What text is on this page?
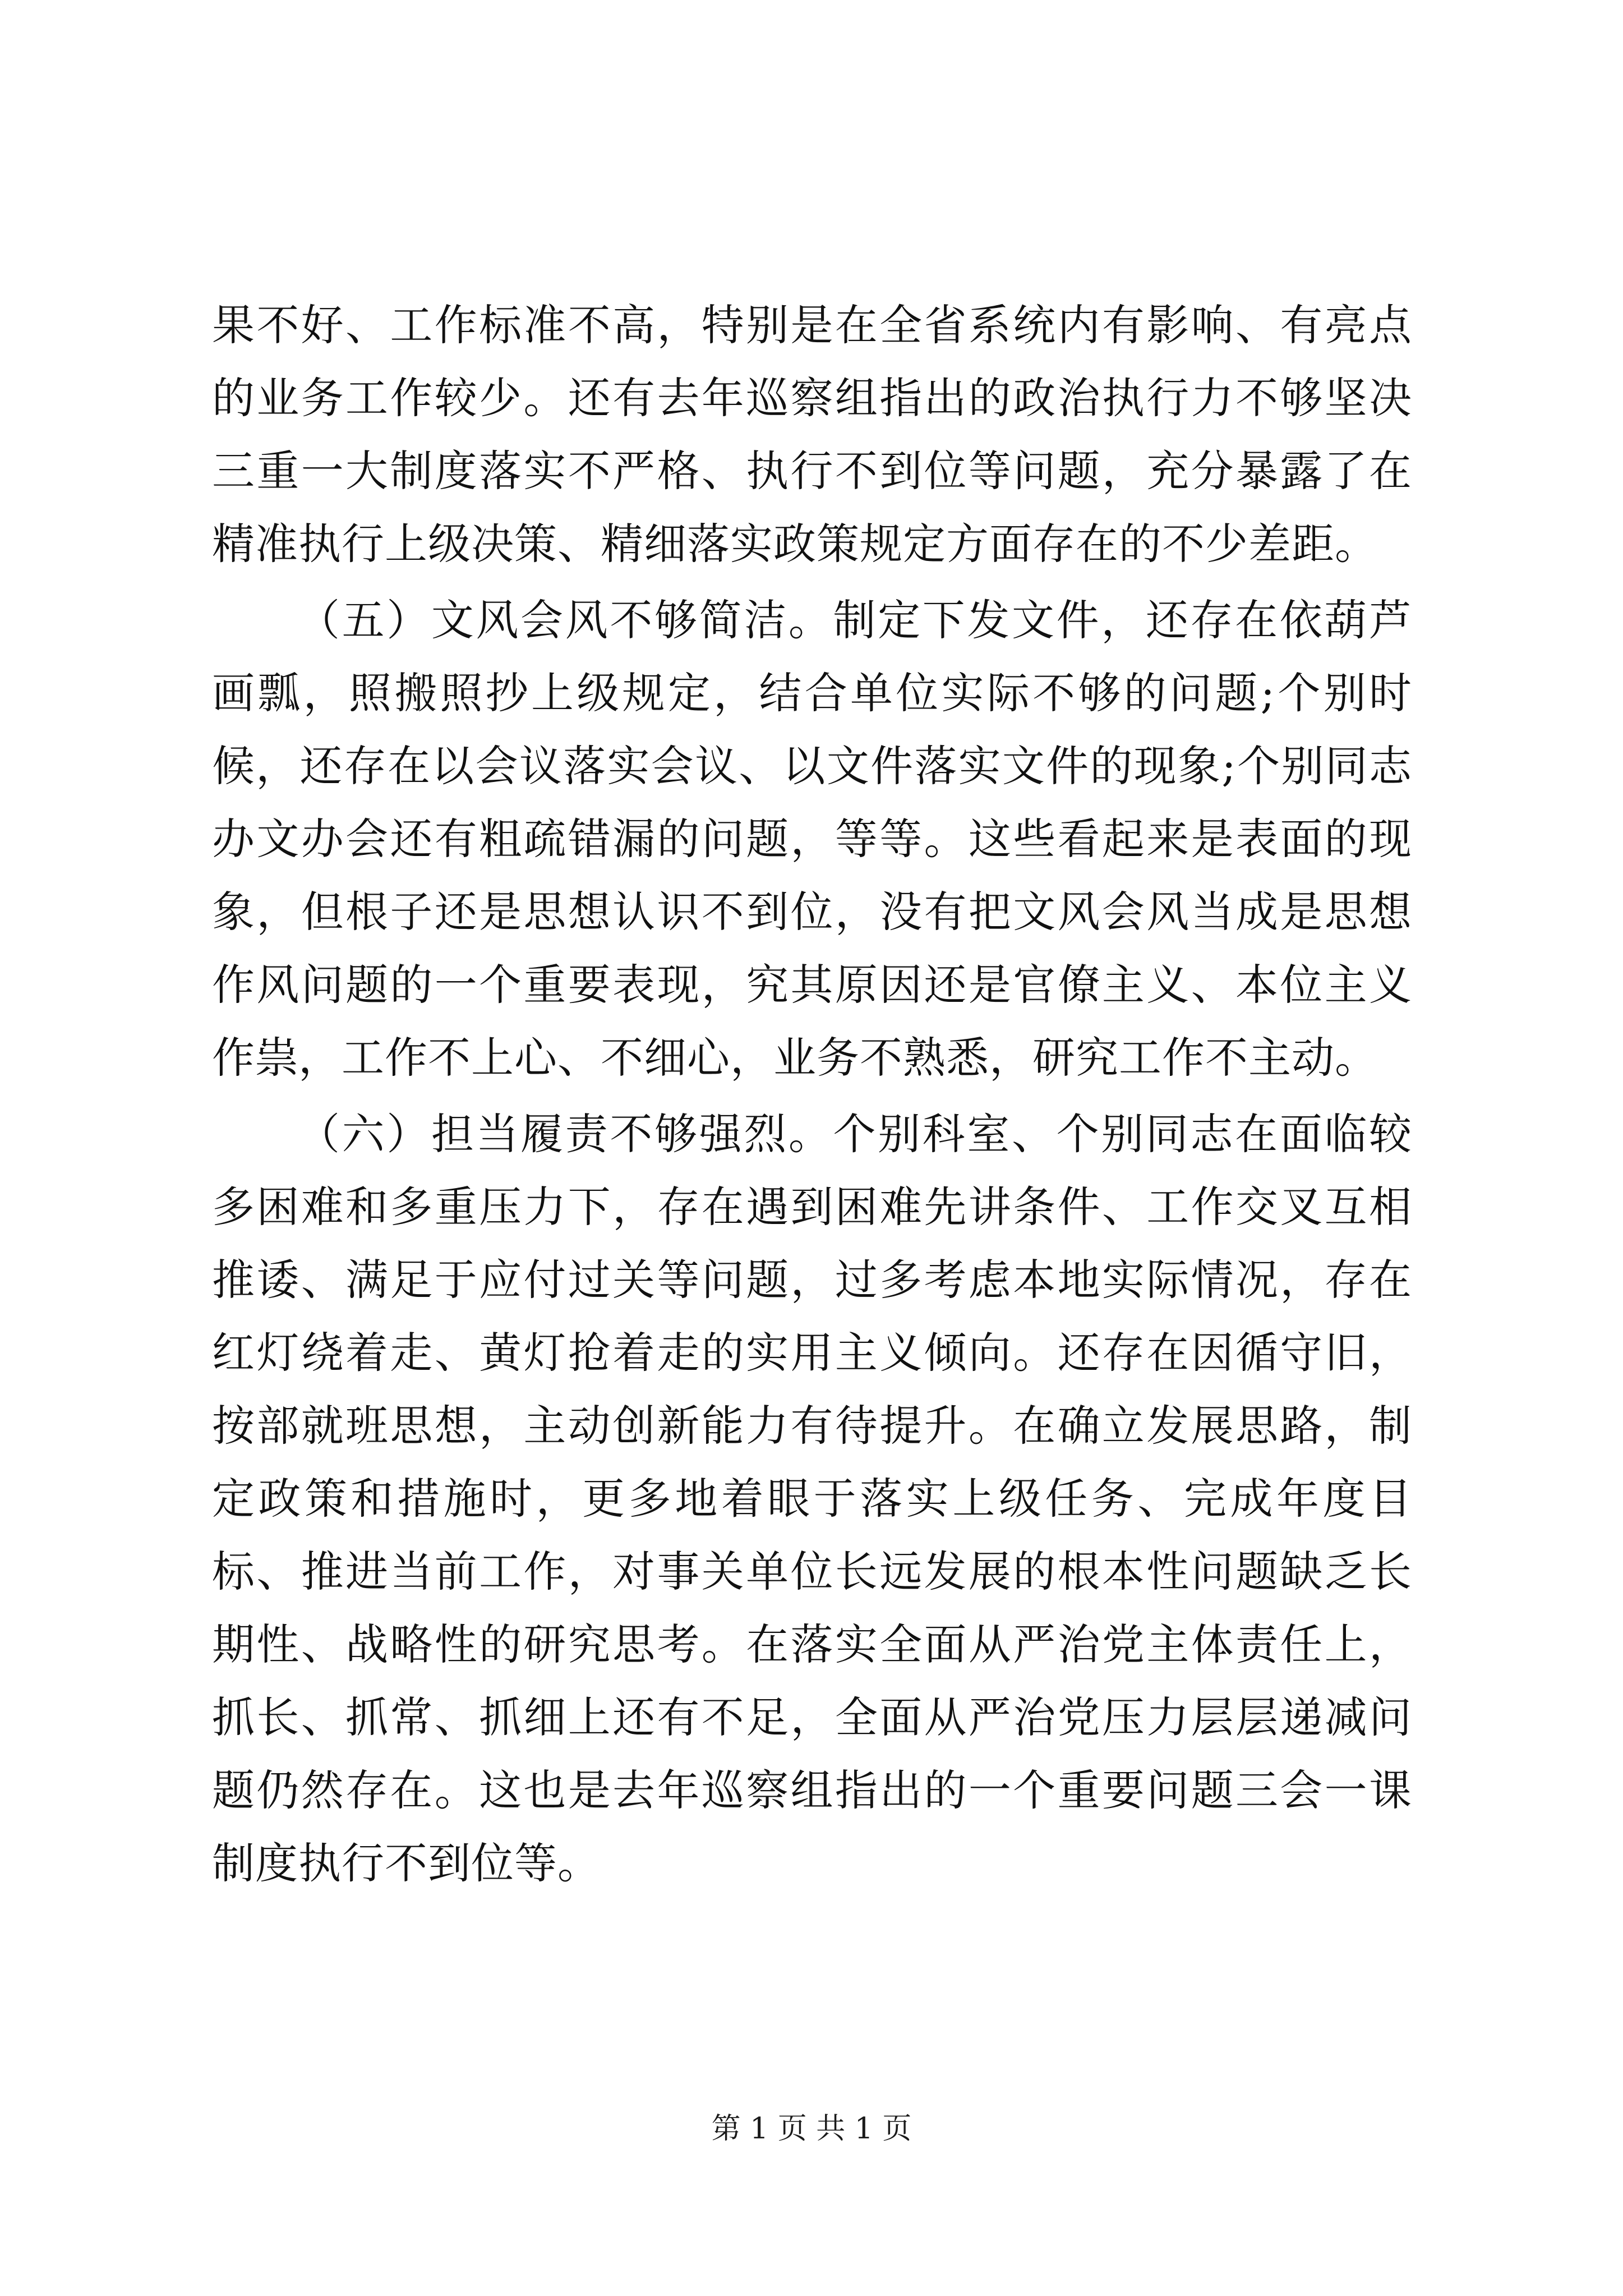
果不好、工作标准不高，特别是在全省系统内有影响、有亮点的业务工作较少。还有去年巡察组指出的政治执行力不够坚决三重一大制度落实不严格、执行不到位等问题，充分暴露了在精准执行上级决策、精细落实政策规定方面存在的不少差距。

（五）文风会风不够简洁。制定下发文件，还存在依葫芦画瓢，照搬照抄上级规定，结合单位实际不够的问题;个别时候，还存在以会议落实会议、以文件落实文件的现象;个别同志办文办会还有粗疏错漏的问题，等等。这些看起来是表面的现象，但根子还是思想认识不到位，没有把文风会风当成是思想作风问题的一个重要表现，究其原因还是官僚主义、本位主义作祟，工作不上心、不细心，业务不熟悉，研究工作不主动。

（六）担当履责不够强烈。个别科室、个别同志在面临较多困难和多重压力下，存在遇到困难先讲条件、工作交叉互相推诿、满足于应付过关等问题，过多考虑本地实际情况，存在红灯绕着走、黄灯抢着走的实用主义倾向。还存在因循守旧，按部就班思想，主动创新能力有待提升。在确立发展思路，制定政策和措施时，更多地着眼于落实上级任务、完成年度目标、推进当前工作，对事关单位长远发展的根本性问题缺乏长期性、战略性的研究思考。在落实全面从严治党主体责任上，抓长、抓常、抓细上还有不足，全面从严治党压力层层递减问题仍然存在。这也是去年巡察组指出的一个重要问题三会一课制度执行不到位等。

第 1 页 共 1 页
